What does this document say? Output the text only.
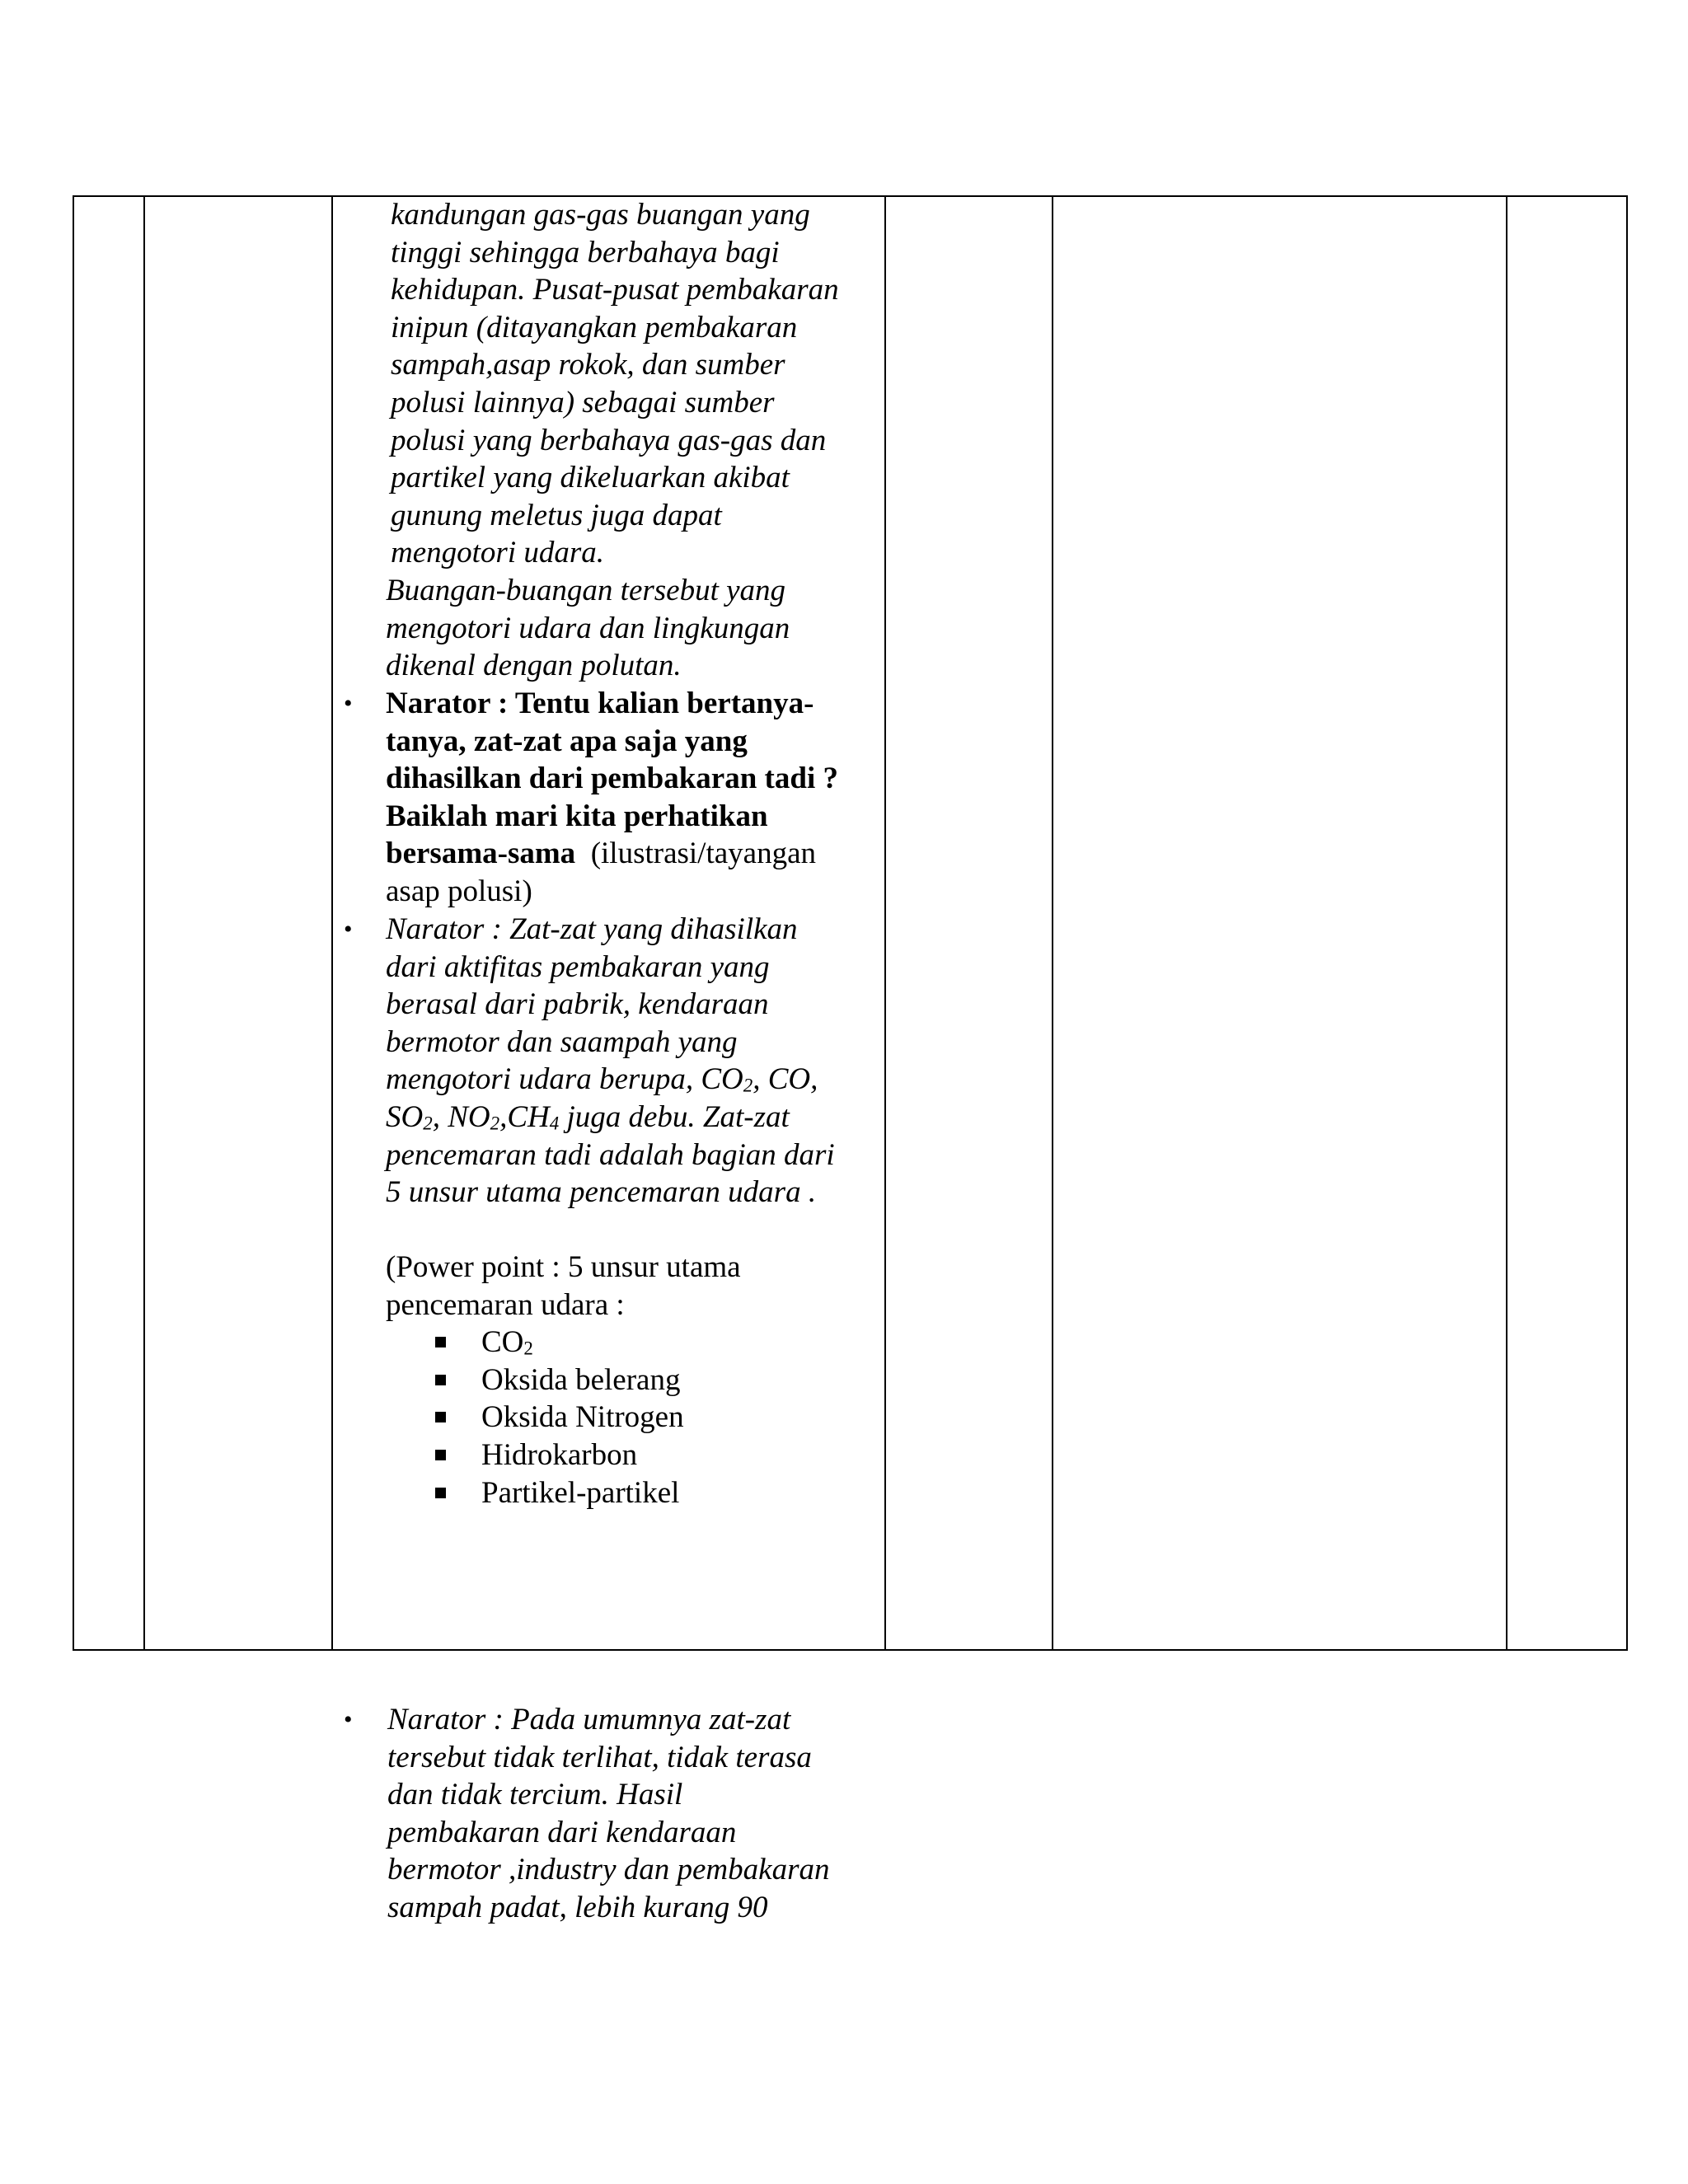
kandungan gas-gas buangan yang
tinggi sehingga berbahaya bagi
kehidupan. Pusat-pusat pembakaran
inipun (ditayangkan pembakaran
sampah,asap rokok, dan sumber
polusi lainnya) sebagai sumber
polusi yang berbahaya gas-gas dan
partikel yang dikeluarkan akibat
gunung meletus juga dapat
mengotori udara.
Buangan-buangan tersebut yang
mengotori udara dan lingkungan
dikenal dengan polutan.
• Narator : Tentu kalian bertanya-
tanya, zat-zat apa saja yang
dihasilkan dari pembakaran tadi ?
Baiklah mari kita perhatikan
bersama-sama  (ilustrasi/tayangan
asap polusi)
• Narator : Zat-zat yang dihasilkan
dari aktifitas pembakaran yang
berasal dari pabrik, kendaraan
bermotor dan saampah yang
mengotori udara berupa, $CO_2$, CO,
$SO_2$, $NO_2,CH_4$ juga debu. Zat-zat
pencemaran tadi adalah bagian dari
5 unsur utama pencemaran udara .
(Power point : 5 unsur utama
pencemaran udara :
$CO_2$
Oksida belerang
Oksida Nitrogen
Hidrokarbon
Partikel-partikel
• Narator : Pada umumnya zat-zat
tersebut tidak terlihat, tidak terasa
dan tidak tercium. Hasil
pembakaran dari kendaraan
bermotor ,industry dan pembakaran
sampah padat, lebih kurang 90
